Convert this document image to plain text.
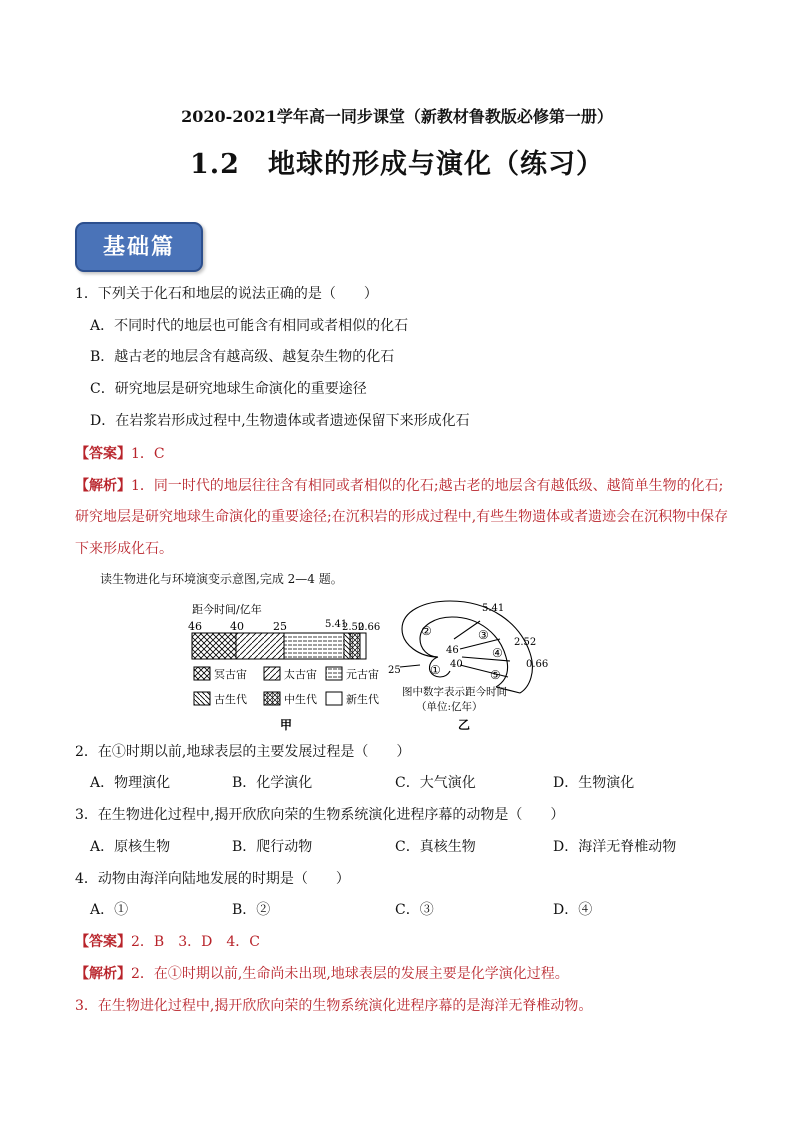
2020-2021学年高一同步课堂（新教材鲁教版必修第一册）
1.2　地球的形成与演化（练习）
基础篇
1．下列关于化石和地层的说法正确的是（　　）
A．不同时代的地层也可能含有相同或者相似的化石
B．越古老的地层含有越高级、越复杂生物的化石
C．研究地层是研究地球生命演化的重要途径
D．在岩浆岩形成过程中,生物遗体或者遗迹保留下来形成化石
【答案】1．C
【解析】1．同一时代的地层往往含有相同或者相似的化石;越古老的地层含有越低级、越简单生物的化石;
研究地层是研究地球生命演化的重要途径;在沉积岩的形成过程中,有些生物遗体或者遗迹会在沉积物中保存
下来形成化石。
读生物进化与环境演变示意图,完成 2—4 题。
距今时间/亿年
46	40	25	5.41
2.52
0.66
冥古宙	太古宙	元古宙
古生代	中生代	新生代
甲
5.41
2.52
0.66
46
40
25 ①
②	③
④
⑤
图中数字表示距今时间
（单位:亿年）
乙
2．在①时期以前,地球表层的主要发展过程是（　　）
A．物理演化	B．化学演化	C．大气演化	D．生物演化
3．在生物进化过程中,揭开欣欣向荣的生物系统演化进程序幕的动物是（　　）
A．原核生物	B．爬行动物	C．真核生物	D．海洋无脊椎动物
4．动物由海洋向陆地发展的时期是（　　）
A．①	B．②	C．③	D．④
【答案】2．B　3．D　4．C
【解析】2．在①时期以前,生命尚未出现,地球表层的发展主要是化学演化过程。
3．在生物进化过程中,揭开欣欣向荣的生物系统演化进程序幕的是海洋无脊椎动物。
